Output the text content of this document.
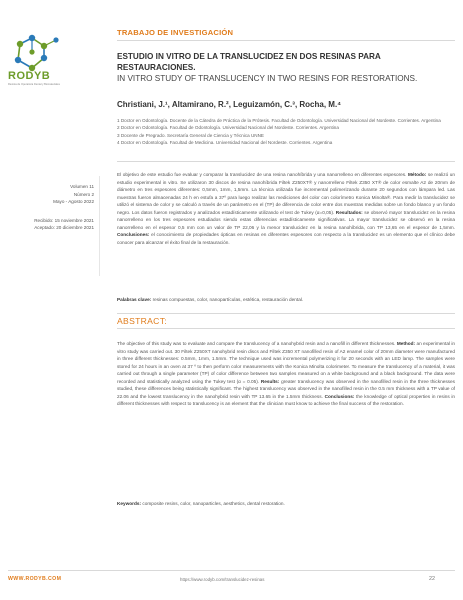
RODYB
Revista de Operatoria Dental y Biomateriales
TRABAJO DE INVESTIGACIÓN
ESTUDIO IN VITRO DE LA TRANSLUCIDEZ EN DOS RESINAS PARA RESTAURACIONES.
IN VITRO STUDY OF TRANSLUCENCY IN TWO RESINS FOR RESTORATIONS.
Christiani, J.¹, Altamirano, R.², Leguizamón, C.³, Rocha, M.⁴
1 Doctor en Odontología. Docente de la Cátedra de Práctica de la Prótesis. Facultad de Odontología. Universidad Nacional del Nordeste. Corrientes. Argentina
2 Doctor en Odontología. Facultad de Odontología. Universidad Nacional del Nordeste. Corrientes. Argentina
3 Docente de Pregrado. Secretaría General de Ciencia y Técnica UNNE
4 Doctor en Odontología. Facultad de Medicina. Universidad Nacional del Nordeste. Corrientes. Argentina
Volumen 11
Número 2
Mayo - Agosto 2022
Recibido: 15 noviembre 2021
Aceptado: 20 diciembre 2021

El objetivo de este estudio fue evaluar y comparar la translucidez de una resina nanohíbrida y una nanorrelleno en diferentes espesores. Método: se realizó un estudio experimental in vitro. Se utilizaron 30 discos de resina nanohíbrida Filtek Z250XT® y nanorrelleno Filtek Z350 XT® de color esmalte A2 de 20mm de diámetro en tres espesores diferentes: 0,5mm, 1mm, 1,5mm. La técnica utilizada fue incremental polimerizando durante 20 segundos con lámpara led. Las muestras fueron almacenadas 24 h en estufa a 37º para luego realizar las mediciones del color con colorímetro Konica Minolta®. Para medir la translucidez se utilizó el sistema de color y se calculó a través de un parámetro en el (TP) de diferencia de color entre dos muestras medidas sobre un fondo blanco y un fondo negro. Los datos fueron registrados y analizados estadísticamente utilizando el test de Tukey (α=0,05). Resultados: se observó mayor translucidez en la resina nanorrelleno en los tres espesores estudiados siendo estas diferencias estadísticamente significativas. La mayor translucidez se observó en la resina nanorrelleno en el espesor 0,5 mm con un valor de TP 22,06 y la menor translucidez en la resina nanohíbrida, con TP 13,65 en el espesor de 1,5mm. Conclusiones: el conocimiento de propiedades ópticas en resinas en diferentes espesores con respecto a la translucidez es un elemento que el clínico debe conocer para alcanzar el éxito final de la restauración.

Palabras clave: resinas compuestas, color, nanopartículas, estética, restauración dental.

ABSTRACT:

The objective of this study was to evaluate and compare the translucency of a nanohybrid resin and a nanofill in different thicknesses. Method: an experimental in vitro study was carried out. 30 Filtek Z250XT nanohybrid resin discs and Filtek Z350 XT nanofilled resin of A2 enamel color of 20mm diameter were manufactured in three different thicknesses: 0.5mm, 1mm, 1.5mm. The technique used was incremental polymerizing it for 20 seconds with an LED lamp. The samples were stored for 24 hours in an oven at 37 º to then perform color measurements with the Konica Minolta colorimeter. To measure the translucency of a material, it was carried out through a single parameter (TP) of color difference between two samples measured on a white background and a black background. The data were recorded and statistically analyzed using the Tukey test (α = 0.05). Results: greater translucency was observed in the nanofilled resin in the three thicknesses studied, these differences being statistically significant. The highest translucency was observed in the nanofilled resin in the 0.5 mm thickness with a TP value of 22.06 and the lowest translucency in the nanohybrid resin with TP 13.65 in the 1.5mm thickness. Conclusions: the knowledge of optical properties in resins in different thicknesses with respect to translucency is an element that the clinician must know to achieve the final success of the restoration.

Keywords: composite resins, color, nanoparticles, aesthetics, dental restoration.

WWW.RODYB.COM	https://www.rodyb.com/translucidez-resinas	22
